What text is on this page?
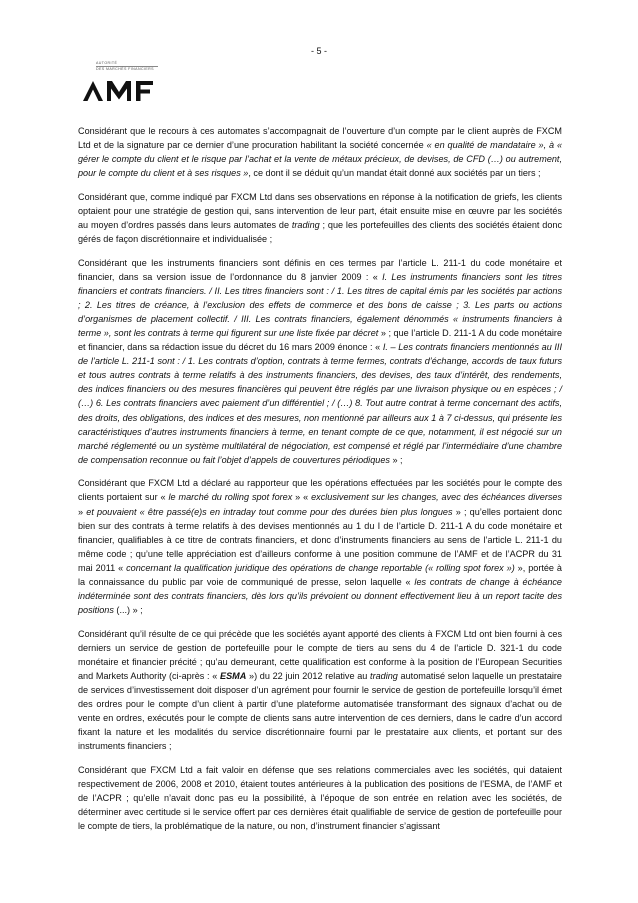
- 5 -
AUTORITÉ
DES MARCHÉS FINANCIERS

Considérant que le recours à ces automates s’accompagnait de l’ouverture d’un compte par le client auprès de FXCM Ltd et de la signature par ce dernier d’une procuration habilitant la société concernée « en qualité de mandataire », à « gérer le compte du client et le risque par l’achat et la vente de métaux précieux, de devises, de CFD (…) ou autrement, pour le compte du client et à ses risques », ce dont il se déduit qu’un mandat était donné aux sociétés par un tiers ;

Considérant que, comme indiqué par FXCM Ltd dans ses observations en réponse à la notification de griefs, les clients optaient pour une stratégie de gestion qui, sans intervention de leur part, était ensuite mise en œuvre par les sociétés au moyen d’ordres passés dans leurs automates de trading ; que les portefeuilles des clients des sociétés étaient donc gérés de façon discrétionnaire et individualisée ;

Considérant que les instruments financiers sont définis en ces termes par l’article L. 211-1 du code monétaire et financier, dans sa version issue de l’ordonnance du 8 janvier 2009 : « I. Les instruments financiers sont les titres financiers et contrats financiers. / II. Les titres financiers sont : / 1. Les titres de capital émis par les sociétés par actions ; 2. Les titres de créance, à l’exclusion des effets de commerce et des bons de caisse ; 3. Les parts ou actions d’organismes de placement collectif. / III. Les contrats financiers, également dénommés « instruments financiers à terme », sont les contrats à terme qui figurent sur une liste fixée par décret » ; que l’article D. 211-1 A du code monétaire et financier, dans sa rédaction issue du décret du 16 mars 2009 énonce : « I. – Les contrats financiers mentionnés au III de l’article L. 211-1 sont : / 1. Les contrats d’option, contrats à terme fermes, contrats d’échange, accords de taux futurs et tous autres contrats à terme relatifs à des instruments financiers, des devises, des taux d’intérêt, des rendements, des indices financiers ou des mesures financières qui peuvent être réglés par une livraison physique ou en espèces ; / (…) 6. Les contrats financiers avec paiement d’un différentiel ; / (…) 8. Tout autre contrat à terme concernant des actifs, des droits, des obligations, des indices et des mesures, non mentionné par ailleurs aux 1 à 7 ci-dessus, qui présente les caractéristiques d’autres instruments financiers à terme, en tenant compte de ce que, notamment, il est négocié sur un marché réglementé ou un système multilatéral de négociation, est compensé et réglé par l’intermédiaire d’une chambre de compensation reconnue ou fait l’objet d’appels de couvertures périodiques » ;

Considérant que FXCM Ltd a déclaré au rapporteur que les opérations effectuées par les sociétés pour le compte des clients portaient sur « le marché du rolling spot forex » « exclusivement sur les changes, avec des échéances diverses » et pouvaient « être passé(e)s en intraday tout comme pour des durées bien plus longues » ; qu’elles portaient donc bien sur des contrats à terme relatifs à des devises mentionnés au 1 du I de l’article D. 211-1 A du code monétaire et financier, qualifiables à ce titre de contrats financiers, et donc d’instruments financiers au sens de l’article L. 211-1 du même code ; qu’une telle appréciation est d’ailleurs conforme à une position commune de l’AMF et de l’ACPR du 31 mai 2011 « concernant la qualification juridique des opérations de change reportable (« rolling spot forex ») », portée à la connaissance du public par voie de communiqué de presse, selon laquelle « les contrats de change à échéance indéterminée sont des contrats financiers, dès lors qu’ils prévoient ou donnent effectivement lieu à un report tacite des positions (...) » ;

Considérant qu’il résulte de ce qui précède que les sociétés ayant apporté des clients à FXCM Ltd ont bien fourni à ces derniers un service de gestion de portefeuille pour le compte de tiers au sens du 4 de l’article D. 321-1 du code monétaire et financier précité ; qu’au demeurant, cette qualification est conforme à la position de l’European Securities and Markets Authority (ci-après : « ESMA ») du 22 juin 2012 relative au trading automatisé selon laquelle un prestataire de services d’investissement doit disposer d’un agrément pour fournir le service de gestion de portefeuille lorsqu’il émet des ordres pour le compte d’un client à partir d’une plateforme automatisée transformant des signaux d’achat ou de vente en ordres, exécutés pour le compte de clients sans autre intervention de ces derniers, dans le cadre d’un accord fixant la nature et les modalités du service discrétionnaire fourni par le prestataire aux clients, et portant sur des instruments financiers ;

Considérant que FXCM Ltd a fait valoir en défense que ses relations commerciales avec les sociétés, qui dataient respectivement de 2006, 2008 et 2010, étaient toutes antérieures à la publication des positions de l’ESMA, de l’AMF et de l’ACPR ; qu’elle n’avait donc pas eu la possibilité, à l’époque de son entrée en relation avec les sociétés, de déterminer avec certitude si le service offert par ces dernières était qualifiable de service de gestion de portefeuille pour le compte de tiers, la problématique de la nature, ou non, d’instrument financier s’agissant
